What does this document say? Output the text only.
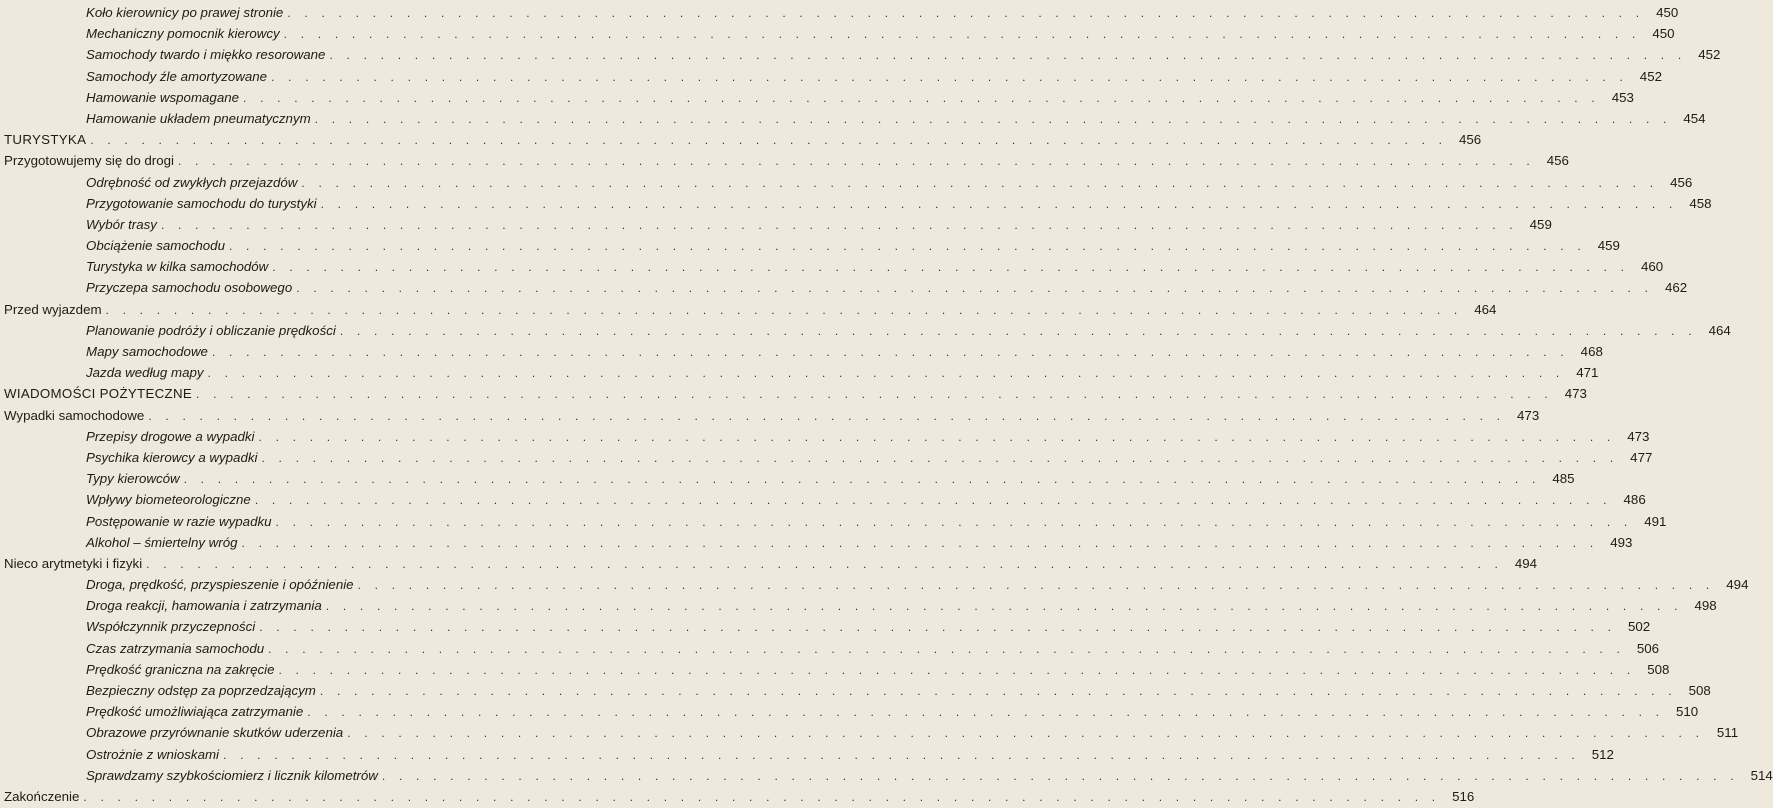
Koło kierownicy po prawej stronie . . . . . . . . . . . . . . . . . . . . . . . . . . . . . . . . . . . . . . . . . . . . . . . . . . . . . . . . . . . . . . . . . . . . . . . . . . . . . . . . 450
Mechaniczny pomocnik kierowcy . . . . . . . . . . . . . . . . . . . . . . . . . . . . . . . . . . . . . . . . . . . . . . . . . . . . . . . . . . . . . . . . . . . . . . . . . . . . . . . . 450
Samochody twardo i miękko resorowane . . . . . . . . . . . . . . . . . . . . . . . . . . . . . . . . . . . . . . . . . . . . . . . . . . . . . . . . . . . . . . . . . . . . . . . . . . . . . . . . 452
Samochody źle amortyzowane . . . . . . . . . . . . . . . . . . . . . . . . . . . . . . . . . . . . . . . . . . . . . . . . . . . . . . . . . . . . . . . . . . . . . . . . . . . . . . . . 452
Hamowanie wspomagane . . . . . . . . . . . . . . . . . . . . . . . . . . . . . . . . . . . . . . . . . . . . . . . . . . . . . . . . . . . . . . . . . . . . . . . . . . . . . . . . 453
Hamowanie układem pneumatycznym . . . . . . . . . . . . . . . . . . . . . . . . . . . . . . . . . . . . . . . . . . . . . . . . . . . . . . . . . . . . . . . . . . . . . . . . . . . . . . . . 454
TURYSTYKA . . . . . . . . . . . . . . . . . . . . . . . . . . . . . . . . . . . . . . . . . . . . . . . . . . . . . . . . . . . . . . . . . . . . . . . . . . . . . . . . 456
Przygotowujemy się do drogi . . . . . . . . . . . . . . . . . . . . . . . . . . . . . . . . . . . . . . . . . . . . . . . . . . . . . . . . . . . . . . . . . . . . . . . . . . . . . . . . 456
Odrębność od zwykłych przejazdów . . . . . . . . . . . . . . . . . . . . . . . . . . . . . . . . . . . . . . . . . . . . . . . . . . . . . . . . . . . . . . . . . . . . . . . . . . . . . . . . 456
Przygotowanie samochodu do turystyki . . . . . . . . . . . . . . . . . . . . . . . . . . . . . . . . . . . . . . . . . . . . . . . . . . . . . . . . . . . . . . . . . . . . . . . . . . . . . . . . 458
Wybór trasy . . . . . . . . . . . . . . . . . . . . . . . . . . . . . . . . . . . . . . . . . . . . . . . . . . . . . . . . . . . . . . . . . . . . . . . . . . . . . . . . 459
Obciążenie samochodu . . . . . . . . . . . . . . . . . . . . . . . . . . . . . . . . . . . . . . . . . . . . . . . . . . . . . . . . . . . . . . . . . . . . . . . . . . . . . . . . 459
Turystyka w kilka samochodów . . . . . . . . . . . . . . . . . . . . . . . . . . . . . . . . . . . . . . . . . . . . . . . . . . . . . . . . . . . . . . . . . . . . . . . . . . . . . . . . 460
Przyczepa samochodu osobowego . . . . . . . . . . . . . . . . . . . . . . . . . . . . . . . . . . . . . . . . . . . . . . . . . . . . . . . . . . . . . . . . . . . . . . . . . . . . . . . . 462
Przed wyjazdem . . . . . . . . . . . . . . . . . . . . . . . . . . . . . . . . . . . . . . . . . . . . . . . . . . . . . . . . . . . . . . . . . . . . . . . . . . . . . . . . 464
Planowanie podróży i obliczanie prędkości . . . . . . . . . . . . . . . . . . . . . . . . . . . . . . . . . . . . . . . . . . . . . . . . . . . . . . . . . . . . . . . . . . . . . . . . . . . . . . . . 464
Mapy samochodowe . . . . . . . . . . . . . . . . . . . . . . . . . . . . . . . . . . . . . . . . . . . . . . . . . . . . . . . . . . . . . . . . . . . . . . . . . . . . . . . . 468
Jazda według mapy . . . . . . . . . . . . . . . . . . . . . . . . . . . . . . . . . . . . . . . . . . . . . . . . . . . . . . . . . . . . . . . . . . . . . . . . . . . . . . . . 471
WIADOMOŚCI POŻYTECZNE . . . . . . . . . . . . . . . . . . . . . . . . . . . . . . . . . . . . . . . . . . . . . . . . . . . . . . . . . . . . . . . . . . . . . . . . . . . . . . . . 473
Wypadki samochodowe . . . . . . . . . . . . . . . . . . . . . . . . . . . . . . . . . . . . . . . . . . . . . . . . . . . . . . . . . . . . . . . . . . . . . . . . . . . . . . . . 473
Przepisy drogowe a wypadki . . . . . . . . . . . . . . . . . . . . . . . . . . . . . . . . . . . . . . . . . . . . . . . . . . . . . . . . . . . . . . . . . . . . . . . . . . . . . . . . 473
Psychika kierowcy a wypadki . . . . . . . . . . . . . . . . . . . . . . . . . . . . . . . . . . . . . . . . . . . . . . . . . . . . . . . . . . . . . . . . . . . . . . . . . . . . . . . . 477
Typy kierowców . . . . . . . . . . . . . . . . . . . . . . . . . . . . . . . . . . . . . . . . . . . . . . . . . . . . . . . . . . . . . . . . . . . . . . . . . . . . . . . . 485
Wpływy biometeorologiczne . . . . . . . . . . . . . . . . . . . . . . . . . . . . . . . . . . . . . . . . . . . . . . . . . . . . . . . . . . . . . . . . . . . . . . . . . . . . . . . . 486
Postępowanie w razie wypadku . . . . . . . . . . . . . . . . . . . . . . . . . . . . . . . . . . . . . . . . . . . . . . . . . . . . . . . . . . . . . . . . . . . . . . . . . . . . . . . . 491
Alkohol – śmiertelny wróg . . . . . . . . . . . . . . . . . . . . . . . . . . . . . . . . . . . . . . . . . . . . . . . . . . . . . . . . . . . . . . . . . . . . . . . . . . . . . . . . 493
Nieco arytmetyki i fizyki . . . . . . . . . . . . . . . . . . . . . . . . . . . . . . . . . . . . . . . . . . . . . . . . . . . . . . . . . . . . . . . . . . . . . . . . . . . . . . . . 494
Droga, prędkość, przyspieszenie i opóźnienie . . . . . . . . . . . . . . . . . . . . . . . . . . . . . . . . . . . . . . . . . . . . . . . . . . . . . . . . . . . . . . . . . . . . . . . . . . . . . . . . 494
Droga reakcji, hamowania i zatrzymania . . . . . . . . . . . . . . . . . . . . . . . . . . . . . . . . . . . . . . . . . . . . . . . . . . . . . . . . . . . . . . . . . . . . . . . . . . . . . . . . 498
Współczynnik przyczepności . . . . . . . . . . . . . . . . . . . . . . . . . . . . . . . . . . . . . . . . . . . . . . . . . . . . . . . . . . . . . . . . . . . . . . . . . . . . . . . . 502
Czas zatrzymania samochodu . . . . . . . . . . . . . . . . . . . . . . . . . . . . . . . . . . . . . . . . . . . . . . . . . . . . . . . . . . . . . . . . . . . . . . . . . . . . . . . . 506
Prędkość graniczna na zakręcie . . . . . . . . . . . . . . . . . . . . . . . . . . . . . . . . . . . . . . . . . . . . . . . . . . . . . . . . . . . . . . . . . . . . . . . . . . . . . . . . 508
Bezpieczny odstęp za poprzedzającym . . . . . . . . . . . . . . . . . . . . . . . . . . . . . . . . . . . . . . . . . . . . . . . . . . . . . . . . . . . . . . . . . . . . . . . . . . . . . . . . 508
Prędkość umożliwiająca zatrzymanie . . . . . . . . . . . . . . . . . . . . . . . . . . . . . . . . . . . . . . . . . . . . . . . . . . . . . . . . . . . . . . . . . . . . . . . . . . . . . . . . 510
Obrazowe przyrównanie skutków uderzenia . . . . . . . . . . . . . . . . . . . . . . . . . . . . . . . . . . . . . . . . . . . . . . . . . . . . . . . . . . . . . . . . . . . . . . . . . . . . . . . . 511
Ostrożnie z wnioskami . . . . . . . . . . . . . . . . . . . . . . . . . . . . . . . . . . . . . . . . . . . . . . . . . . . . . . . . . . . . . . . . . . . . . . . . . . . . . . . . 512
Sprawdzamy szybkościomierz i licznik kilometrów . . . . . . . . . . . . . . . . . . . . . . . . . . . . . . . . . . . . . . . . . . . . . . . . . . . . . . . . . . . . . . . . . . . . . . . . . . . . . . . . 514
Zakończenie . . . . . . . . . . . . . . . . . . . . . . . . . . . . . . . . . . . . . . . . . . . . . . . . . . . . . . . . . . . . . . . . . . . . . . . . . . . . . . . . 516
